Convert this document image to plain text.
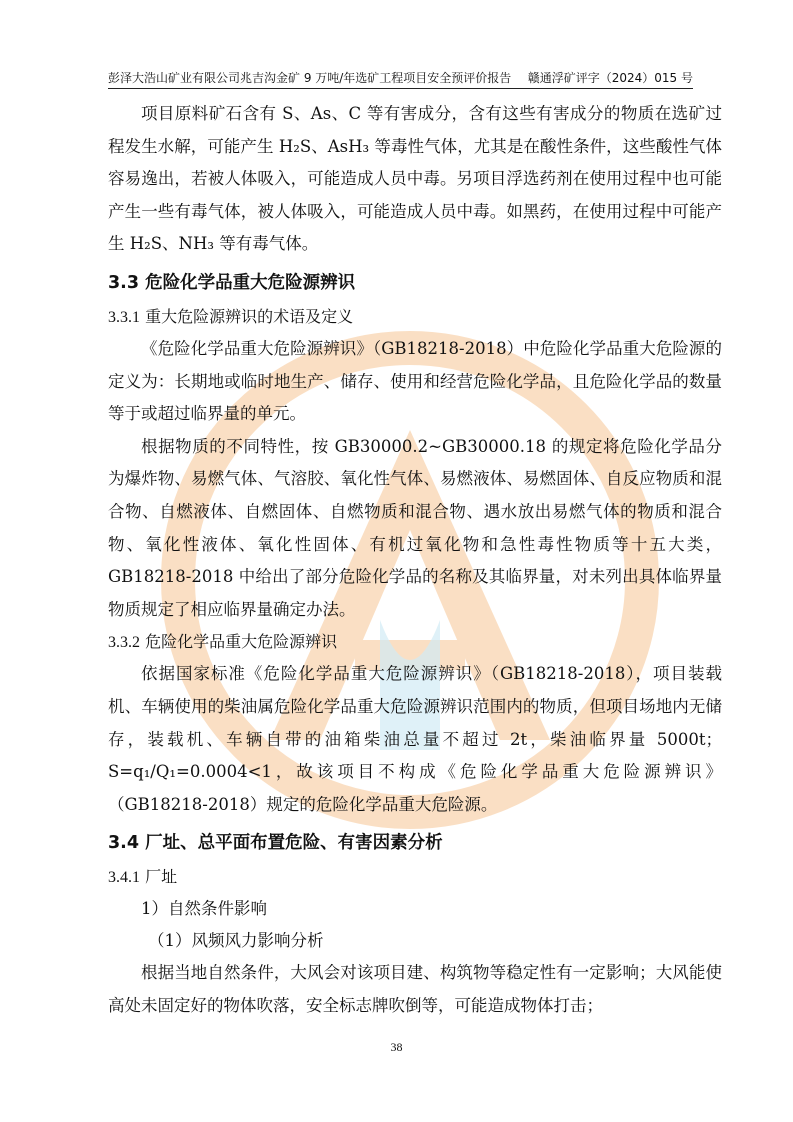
彭泽大浩山矿业有限公司兆吉沟金矿 9 万吨/年选矿工程项目安全预评价报告 赣通浮矿评字（2024）015 号

项目原料矿石含有 S、As、C 等有害成分，含有这些有害成分的物质在选矿过程发生水解，可能产生 H₂S、AsH₃ 等毒性气体，尤其是在酸性条件，这些酸性气体容易逸出，若被人体吸入，可能造成人员中毒。另项目浮选药剂在使用过程中也可能产生一些有毒气体，被人体吸入，可能造成人员中毒。如黑药，在使用过程中可能产生 H₂S、NH₃ 等有毒气体。

3.3 危险化学品重大危险源辨识
3.3.1 重大危险源辨识的术语及定义

《危险化学品重大危险源辨识》（GB18218-2018）中危险化学品重大危险源的定义为：长期地或临时地生产、储存、使用和经营危险化学品，且危险化学品的数量等于或超过临界量的单元。

根据物质的不同特性，按 GB30000.2~GB30000.18 的规定将危险化学品分为爆炸物、易燃气体、气溶胶、氧化性气体、易燃液体、易燃固体、自反应物质和混合物、自燃液体、自燃固体、自燃物质和混合物、遇水放出易燃气体的物质和混合物、氧化性液体、氧化性固体、有机过氧化物和急性毒性物质等十五大类，GB18218-2018 中给出了部分危险化学品的名称及其临界量，对未列出具体临界量物质规定了相应临界量确定办法。

3.3.2 危险化学品重大危险源辨识

依据国家标准《危险化学品重大危险源辨识》（GB18218-2018），项目装载机、车辆使用的柴油属危险化学品重大危险源辨识范围内的物质，但项目场地内无储存，装载机、车辆自带的油箱柴油总量不超过 2t，柴油临界量 5000t；S=q₁/Q₁=0.0004<1，故该项目不构成《危险化学品重大危险源辨识》（GB18218-2018）规定的危险化学品重大危险源。

3.4 厂址、总平面布置危险、有害因素分析
3.4.1 厂址

1）自然条件影响

（1）风频风力影响分析

根据当地自然条件，大风会对该项目建、构筑物等稳定性有一定影响；大风能使高处未固定好的物体吹落，安全标志牌吹倒等，可能造成物体打击；

38
